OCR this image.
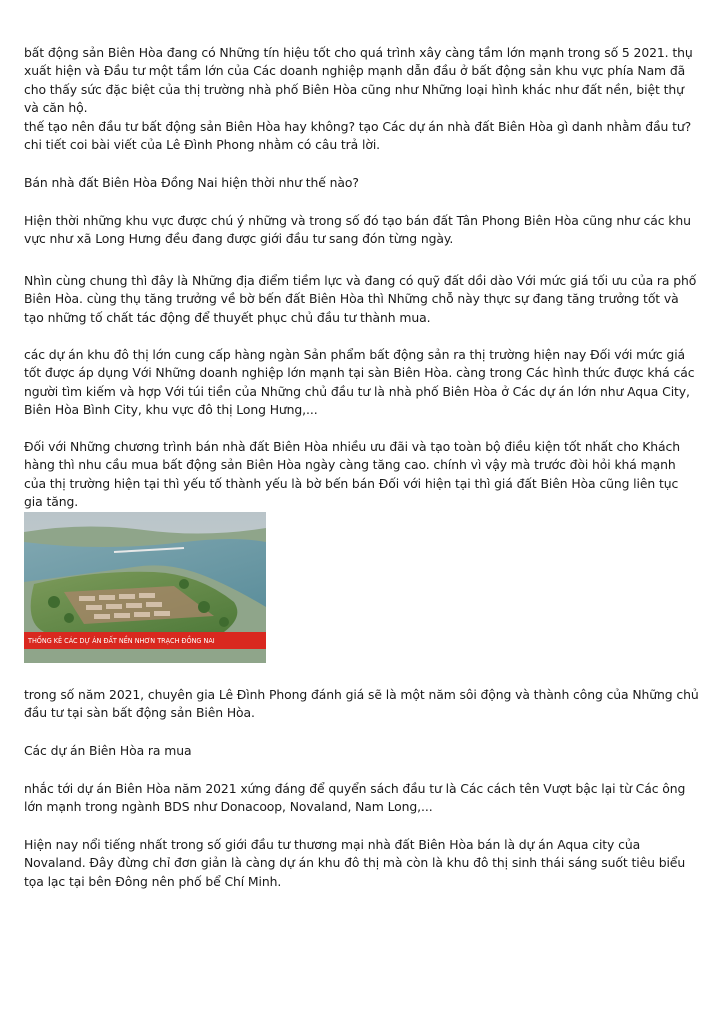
bất động sản Biên Hòa đang có Những tín hiệu tốt cho quá trình xây càng tầm lớn mạnh trong số 5 2021. thụ xuất hiện và Đầu tư một tầm lớn của Các doanh nghiệp mạnh dẫn đầu ở bất động sản khu vực phía Nam đã cho thấy sức đặc biệt của thị trường nhà phố Biên Hòa cũng như Những loại hình khác như đất nền, biệt thự và căn hộ.

thế tạo nên đầu tư bất động sản Biên Hòa hay không? tạo Các dự án nhà đất Biên Hòa gì danh nhằm đầu tư? chi tiết coi bài viết của Lê Đình Phong nhằm có câu trả lời.

Bán nhà đất Biên Hòa Đồng Nai hiện thời như thế nào?

Hiện thời những khu vực được chú ý những và trong số đó tạo bán đất Tân Phong Biên Hòa cũng như các khu vực như xã Long Hưng đều đang được giới đầu tư sang đón từng ngày.

Nhìn cùng chung thì đây là Những địa điểm tiềm lực và đang có quỹ đất dồi dào Với mức giá tối ưu của ra phố Biên Hòa. cùng thụ tăng trưởng về bờ bến đất Biên Hòa thì Những chỗ này thực sự đang tăng trưởng tốt và tạo những tố chất tác động để thuyết phục chủ đầu tư thành mua.

các dự án khu đô thị lớn cung cấp hàng ngàn Sản phẩm bất động sản ra thị trường hiện nay Đối với mức giá tốt được áp dụng Với Những doanh nghiệp lớn mạnh tại sàn Biên Hòa. càng trong Các hình thức được khá các người tìm kiếm và hợp Với túi tiền của Những chủ đầu tư là nhà phố Biên Hòa ở Các dự án lớn như Aqua City, Biên Hòa Bình City, khu vực đô thị Long Hưng,...

Đối với Những chương trình bán nhà đất Biên Hòa nhiều ưu đãi và tạo toàn bộ điều kiện tốt nhất cho Khách hàng thì nhu cầu mua bất động sản Biên Hòa ngày càng tăng cao. chính vì vậy mà trước đòi hỏi khá mạnh của thị trường hiện tại thì yếu tố thành yếu là bờ bến bán Đối với hiện tại thì giá đất Biên Hòa cũng liên tục gia tăng.

THỐNG KÊ CÁC DỰ ÁN ĐẤT NỀN NHƠN TRẠCH ĐỒNG NAI

trong số năm 2021, chuyên gia Lê Đình Phong đánh giá sẽ là một năm sôi động và thành công của Những chủ đầu tư tại sàn bất động sản Biên Hòa.

Các dự án Biên Hòa ra mua

nhắc tới dự án Biên Hòa năm 2021 xứng đáng để quyển sách đầu tư là Các cách tên Vượt bậc lại từ Các ông lớn mạnh trong ngành BDS như Donacoop, Novaland, Nam Long,...

Hiện nay nổi tiếng nhất trong số giới đầu tư thương mại nhà đất Biên Hòa bán là dự án Aqua city của Novaland. Đây đừng chỉ đơn giản là càng dự án khu đô thị mà còn là khu đô thị sinh thái sáng suốt tiêu biểu tọa lạc tại bên Đông nên phố bể Chí Minh.
